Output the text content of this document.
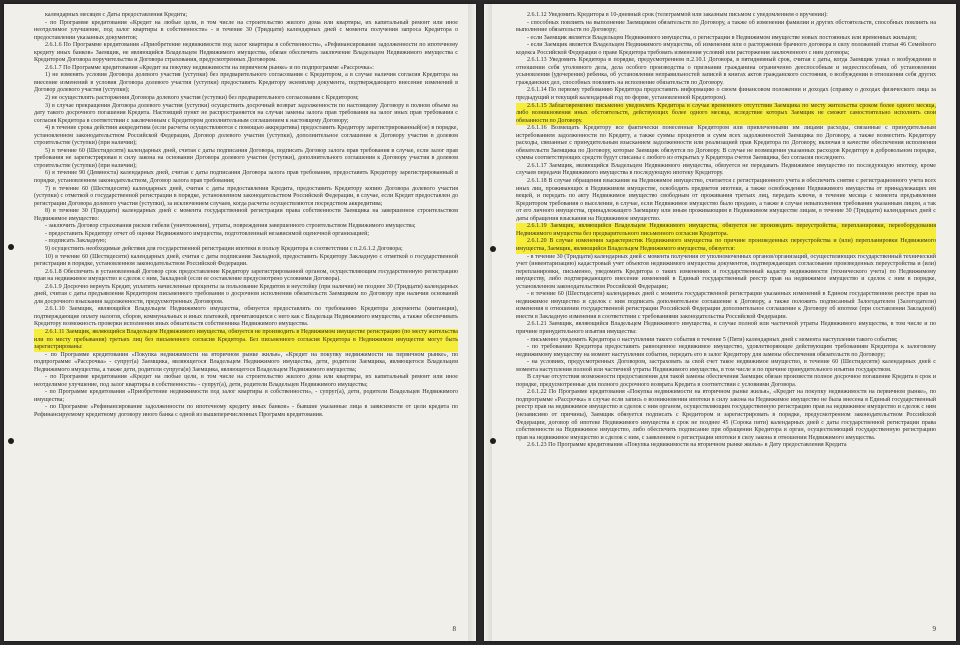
календарных месяцев с Даты предоставления Кредита;

- по Программе кредитования «Кредит на любые цели, в том числе на строительство жилого дома или квартиры, их капитальный ремонт или иное неотделимое улучшение, под залог квартиры в собственности» - в течение 30 (Тридцати) календарных дней с момента получения запроса Кредитора о предоставлении указанных документов;

2.6.1.6 По Программе кредитования «Приобретение недвижимости под залог квартиры в собственности», «Рефинансирование задолженности по ипотечному кредиту иных банков» Заемщик, не являющийся Владельцем Недвижимого имущества, обязан обеспечить заключение Владельцем Недвижимого имущества с Кредитором Договора поручительства и Договора страхования, предусмотренных Договором.

2.6.1.7 По Программе кредитования «Кредит на покупку недвижимости на первичном рынке» и по подпрограмме «Рассрочка»:

1) не изменять условия Договора долевого участия (уступки) без предварительного согласования с Кредитором, а в случае наличия согласия Кредитора на внесение изменений в условия Договора долевого участия (уступки) предоставить Кредитору экземпляр документа, подтверждающего внесение изменений в Договор долевого участия (уступки);

2) не осуществлять расторжения Договора долевого участия (уступки) без предварительного согласования с Кредитором;

3) в случае прекращения Договора долевого участия (уступки) осуществить досрочный возврат задолженности по настоящему Договору в полном объеме на дату такого досрочного погашения Кредита. Настоящий пункт не распространяется на случаи замены залога прав требования на залог иных прав требования с согласия Кредитора в соответствии с заключенным с Кредитором дополнительным соглашением к настоящему Договору;

4) в течение срока действия аккредитива (если расчеты осуществляются с помощью аккредитива) предоставить Кредитору зарегистрированный(ое) в порядке, установленном законодательством Российской Федерации, Договор долевого участия (уступки), дополнительное соглашение к Договору участия в долевом строительстве (уступки) (при наличии);

5) в течение 60 (Шестидесяти) календарных дней, считая с даты подписания Договора, подписать Договор залога прав требования в случае, если залог прав требования не зарегистрирован в силу закона на основании Договора долевого участия (уступки), дополнительного соглашения к Договору участия в долевом строительстве (уступки) (при наличии);

6) в течение 90 (Девяноста) календарных дней, считая с даты подписания Договора залога прав требования, предоставить Кредитору зарегистрированный в порядке, установленном законодательством, Договор залога прав требования;

7) в течение 60 (Шестидесяти) календарных дней, считая с даты предоставления Кредита, предоставить Кредитору копию Договора долевого участия (уступки) с отметкой о государственной регистрации в порядке, установленном законодательством Российской Федерации, в случае, если Кредит предоставлен до регистрации Договора долевого участия (уступки), за исключением случаев, когда расчеты осуществляются посредством аккредитива;

8) в течение 30 (Тридцати) календарных дней с момента государственной регистрации права собственности Заемщика на завершенное строительством Недвижимое имущество:

- заключить Договор страхования рисков гибели (уничтожения), утраты, повреждения завершенного строительством Недвижимого имущества;

- предоставить Кредитору отчет об оценке Недвижимого имущества, подготовленный независимой оценочной организацией;

- подписать Закладную;

9) осуществить необходимые действия для государственной регистрации ипотеки в пользу Кредитора в соответствии с п.2.6.1.2 Договора;

10) в течение 60 (Шестидесяти) календарных дней, считая с даты подписания Закладной, предоставить Кредитору Закладную с отметкой о государственной регистрации в порядке, установленном законодательством Российской Федерации.

2.6.1.8 Обеспечить в установленный Договор срок предоставление Кредитору зарегистрированной органом, осуществляющим государственную регистрацию прав на недвижимое имущество и сделок с ним, Закладной (если ее составление предусмотрено условиями Договора).

2.6.1.9 Досрочно вернуть Кредит, уплатить начисленные проценты за пользование Кредитом и неустойку (при наличии) не позднее 30 (Тридцати) календарных дней, считая с даты предъявления Кредитором письменного требования о досрочном исполнении обязательств Заемщиком по Договору при наличии оснований для досрочного взыскания задолженности, предусмотренных Договором.

2.6.1.10 Заемщик, являющийся Владельцем Недвижимого имущества, обязуется предоставлять по требованию Кредитора документы (квитанции), подтверждающие оплату налогов, сборов, коммунальных и иных платежей, причитающихся с него как с Владельца Недвижимого имущества, а также обеспечивать Кредитору возможность проверки исполнения иных обязательств собственника Недвижимого имущества.

2.6.1.11 Заемщик, являющийся Владельцем Недвижимого имущества, обязуется не производить в Недвижимом имуществе регистрацию (по месту жительства или по месту пребывания) третьих лиц без письменного согласия Кредитора. Без письменного согласия Кредитора в Недвижимом имуществе могут быть зарегистрированы:

- по Программе кредитования «Покупка недвижимости на вторичном рынке жилья», «Кредит на покупку недвижимости на первичном рынке», по подпрограмме «Рассрочка» - супруг(а) Заемщика, являющегося Владельцем Недвижимого имущества, дети, родители Заемщика, являющегося Владельцем Недвижимого имущества, а также дети, родители супруга(и) Заемщика, являющегося Владельцем Недвижимого имущества;

- по Программе кредитования «Кредит на любые цели, в том числе на строительство жилого дома или квартиры, их капитальный ремонт или иное неотделимое улучшение, под залог квартиры в собственности» - супруг(а), дети, родители Владельцев Недвижимого имущества;

- по Программе кредитования «Приобретение недвижимости под залог квартиры в собственности», - супруг(а), дети, родители Владельцев Недвижимого имущества;

- по Программе «Рефинансирование задолженности по ипотечному кредиту иных банков» - бывшие указанные лица в зависимости от цели кредита по Рефинансируемому кредитному договору иного банка с одной из вышеперечисленных Программ кредитования.

8

2.6.1.12 Уведомить Кредитора в 10-дневный срок (телеграммой или заказным письмом с уведомлением о вручении):

- способных повлиять на выполнение Заемщиком обязательств по Договору, а также об изменении фамилии и других обстоятельств, способных повлиять на выполнение обязательств по Договору;

- если Заемщик является Владельцем Недвижимого имущества, о регистрации в Недвижимом имуществе новых постоянных или временных жильцов;

- если Заемщик является Владельцем Недвижимого имущества, об изменении или о расторжении брачного договора в силу положений статьи 46 Семейного кодекса Российской Федерации о праве Кредитора требовать изменения условий или расторжения заключенного с ним договора;

2.6.1.13 Уведомить Кредитора в порядке, предусмотренном п.2.10.1 Договора, в пятидневный срок, считая с даты, когда Заемщик узнал о возбуждении в отношении себя уголовного дела, дела особого производства о признании гражданина ограниченно дееспособным и недееспособным, об установлении усыновления (удочерения) ребенка, об установлении неправильностей записей в книгах актов гражданского состояния, о возбуждении в отношении себя других гражданских дел, способных повлиять на исполнение обязательств по Договору.

2.6.1.14 По первому требованию Кредитора предоставить информацию о своем финансовом положении и доходах (справку о доходах физического лица за предыдущий и текущий календарный год по форме, установленной Кредитором).

2.6.1.15 Заблаговременно письменно уведомлять Кредитора в случае временного отсутствия Заемщика по месту жительства сроком более одного месяца, либо возникновения иных обстоятельств, действующих более одного месяца, вследствие которых Заемщик не сможет самостоятельно исполнять свои обязанности по Договору.

2.6.1.16 Возмещать Кредитору все фактически понесенные Кредитором или привлеченными им лицами расходы, связанные с принудительным истребованием задолженности по Кредиту, а также суммы процентов и сумм всех задолженностей Заемщика по Договору, а также возместить Кредитору расходы, связанные с принудительным взысканием задолженности или реализацией прав Кредитора по Договору, включая в качестве обеспечения исполнения обязательств Заемщика по Договору, которые Заемщик обязуется по Договору. В случае не возмещения указанных расходов Кредитору в добровольном порядке, суммы соответствующих средств будут списаны с любого из открытых у Кредитора счетов Заемщика, без согласия последнего.

2.6.1.17 Заемщик, являющийся Владельцем Недвижимого имущества, обязуется не передавать Недвижимое имущество по последующую ипотеку, кроме случаев передачи Недвижимого имущества в последующую ипотеку Кредитору.

2.6.1.18 В случае обращения взыскания на Недвижимое имущество, считается с регистрационного учета и обеспечить снятие с регистрационного учета всех иных лиц, проживающих в Недвижимом имуществе, освободить предметов ипотеки, а также освобождение Недвижимого имущества от принадлежащих им вещей, и передать по акту Недвижимое имущество свободным от проживания третьих лиц, передать ключи, в течение месяца с момента предъявления Кредитором требования о выселении, в случае, если Недвижимое имущество было продано, а также в случае невыполнения требования указанным лицом, а так от его личного имущества, принадлежащего Заемщику или иным проживающим в Недвижимом имуществе лицам, в течение 30 (Тридцати) календарных дней с даты обращения взыскания на Недвижимое имущество.

2.6.1.19 Заемщик, являющийся Владельцем Недвижимого имущества, обязуется не производить переустройства, перепланировки, переоборудования Недвижимого имущества без предварительного письменного согласия Кредитора.

2.6.1.20 В случае изменения характеристик Недвижимого имущества по причине произведенных переустройства и (или) перепланировки Недвижимого имущества, Заемщик, являющийся Владельцем Недвижимого имущества, обязуется:

- в течение 30 (Тридцати) календарных дней с момента получения от уполномоченных органов/организаций, осуществляющих государственный технический учет (инвентаризацию) кадастровый учет объектов недвижимого имущества документов, подтверждающих согласование произведенных переустройства и (или) перепланировки, письменно, уведомить Кредитора о таких изменениях и государственный кадастр недвижимости (технического учета) по Недвижимому имуществу, либо подтверждающего внесение изменений в Единый государственный реестр прав на недвижимое имущество и сделок с ним в порядке, установленном законодательством Российской Федерации;

- в течение 60 (Шестидесяти) календарных дней с момента государственной регистрации указанных изменений в Едином государственном реестре прав на недвижимое имущество и сделок с ним подписать дополнительное соглашение к Договору, а также положить подписанный Залогодателем (Залогодатели) изменения в отношении государственной регистрации Российской Федерации дополнительное соглашение к Договору об ипотеке (при составлении Закладной) внести в Закладную изменения в соответствии с требованиями законодательства Российской Федерации.

2.6.1.21 Заемщик, являющийся Владельцем Недвижимого имущества, в случае полной или частичной утраты Недвижимого имущества, в том числе и по причине принудительного изъятия имущества:

- письменно уведомить Кредитора о наступлении такого события в течение 5 (Пяти) календарных дней с момента наступления такого события;

- по требованию Кредитора предоставить равноценное недвижимое имущество, удовлетворяющее действующим требованиям Кредитора к залоговому недвижимому имуществу на момент наступления события, передать его в залог Кредитору для замены обеспечения обязательств по Договору;

- на условиях, предусмотренных Договором, застраховать за свой счет такое недвижимое имущество, в течение 60 (Шестидесяти) календарных дней с момента наступления полной или частичной утраты Недвижимого имущества, в том числе и по причине принудительного изъятия государством.

В случае отсутствия возможности предоставления для такой замены обеспечения Заемщик обязан произвести полное досрочное погашение Кредита в срок и порядке, предусмотренные для полного досрочного возврата Кредита в соответствии с условиями Договора.

2.6.1.22 По Программе кредитования «Покупка недвижимости на вторичном рынке жилья», «Кредит на покупку недвижимости на первичном рынке», по подпрограмме «Рассрочка» в случае если запись о возникновении ипотеки в силу закона на Недвижимое имущество не была внесена в Единый государственный реестр прав на недвижимое имущество и сделок с ним органом, осуществляющим государственную регистрацию прав на недвижимое имущество и сделок с ним (независимо от причины), Заемщик обязуется подписать с Кредитором и зарегистрировать в порядке, предусмотренном законодательством Российской Федерации, договор об ипотеке Недвижимого имущества в срок не позднее 45 (Сорока пяти) календарных дней с даты государственной регистрации права собственности на Недвижимое имущество, либо обеспечить подписание при обращении Кредитора в орган, осуществляющий государственную регистрацию прав на недвижимое имущество и сделок с ним, с заявлением о регистрации ипотеки в силу закона в отношении Недвижимого имущества.

2.6.1.23 По Программе кредитования «Покупка недвижимости на вторичном рынке жилья» в Дату предоставления Кредита

9
